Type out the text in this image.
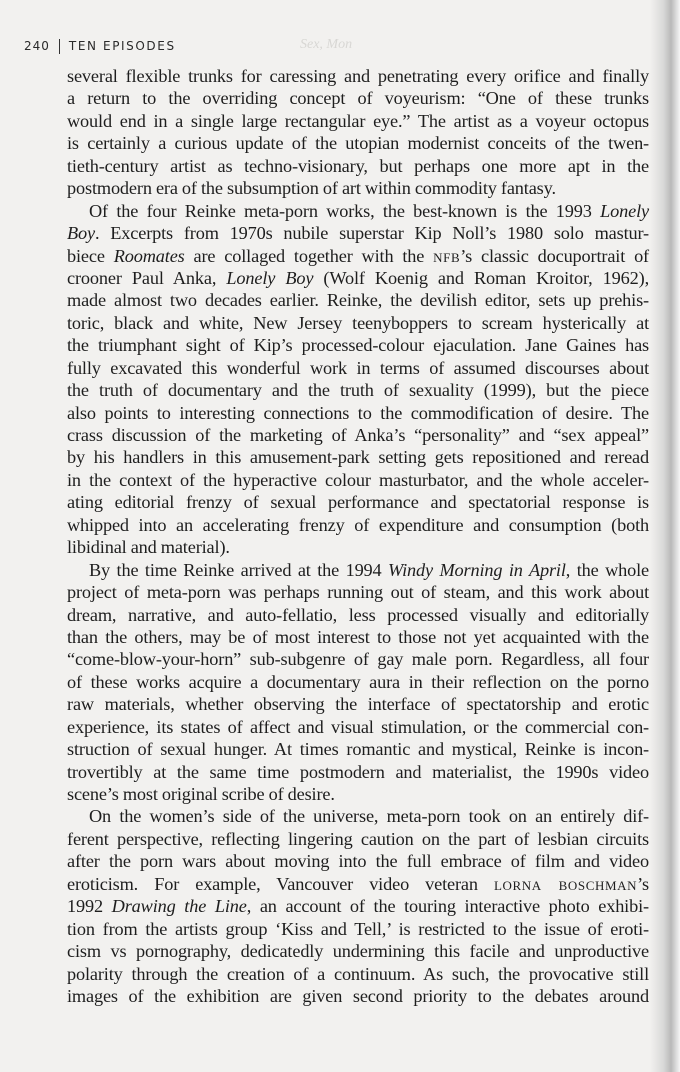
240 TEN EPISODES	Sex, Mon
several flexible trunks for caressing and penetrating every orifice and finally
a return to the overriding concept of voyeurism: “One of these trunks
would end in a single large rectangular eye.” The artist as a voyeur octopus
is certainly a curious update of the utopian modernist conceits of the twen-
tieth-century artist as techno-visionary, but perhaps one more apt in the
postmodern era of the subsumption of art within commodity fantasy.
Of the four Reinke meta-porn works, the best-known is the 1993 Lonely
Boy. Excerpts from 1970s nubile superstar Kip Noll’s 1980 solo mastur-
biece Roomates are collaged together with the nfb’s classic docuportrait of
crooner Paul Anka, Lonely Boy (Wolf Koenig and Roman Kroitor, 1962),
made almost two decades earlier. Reinke, the devilish editor, sets up prehis-
toric, black and white, New Jersey teenyboppers to scream hysterically at
the triumphant sight of Kip’s processed-colour ejaculation. Jane Gaines has
fully excavated this wonderful work in terms of assumed discourses about
the truth of documentary and the truth of sexuality (1999), but the piece
also points to interesting connections to the commodification of desire. The
crass discussion of the marketing of Anka’s “personality” and “sex appeal”
by his handlers in this amusement-park setting gets repositioned and reread
in the context of the hyperactive colour masturbator, and the whole acceler-
ating editorial frenzy of sexual performance and spectatorial response is
whipped into an accelerating frenzy of expenditure and consumption (both
libidinal and material).
By the time Reinke arrived at the 1994 Windy Morning in April, the whole
project of meta-porn was perhaps running out of steam, and this work about
dream, narrative, and auto-fellatio, less processed visually and editorially
than the others, may be of most interest to those not yet acquainted with the
“come-blow-your-horn” sub-subgenre of gay male porn. Regardless, all four
of these works acquire a documentary aura in their reflection on the porno
raw materials, whether observing the interface of spectatorship and erotic
experience, its states of affect and visual stimulation, or the commercial con-
struction of sexual hunger. At times romantic and mystical, Reinke is incon-
trovertibly at the same time postmodern and materialist, the 1990s video
scene’s most original scribe of desire.
On the women’s side of the universe, meta-porn took on an entirely dif-
ferent perspective, reflecting lingering caution on the part of lesbian circuits
after the porn wars about moving into the full embrace of film and video
eroticism. For example, Vancouver video veteran lorna boschman’s
1992 Drawing the Line, an account of the touring interactive photo exhibi-
tion from the artists group ‘Kiss and Tell,’ is restricted to the issue of eroti-
cism vs pornography, dedicatedly undermining this facile and unproductive
polarity through the creation of a continuum. As such, the provocative still
images of the exhibition are given second priority to the debates around
